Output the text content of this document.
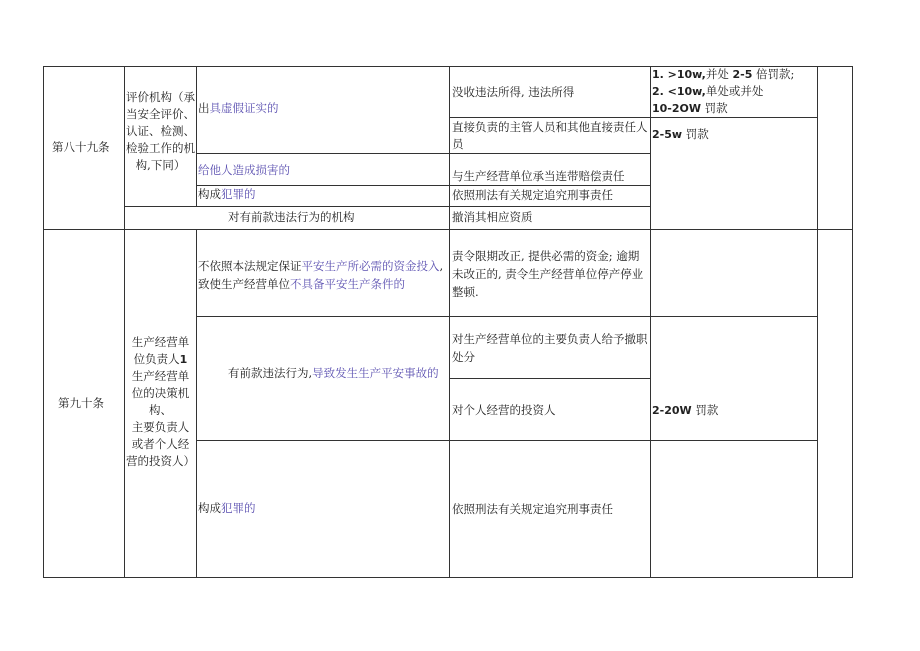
第八十九条
评价机构（承当安全评价、认证、检测、检验工作的机构,下同）
出具虚假证实的
给他人造成损害的
构成犯罪的
对有前款违法行为的机构
没收违法所得, 违法所得
直接负责的主管人员和其他直接责任人员
与生产经营单位承当连带赔偿责任
依照刑法有关规定追究刑事责任
撤消其相应资质
1. >10w,并处 2-5 倍罚款;
2. <10w,单处或并处
10-2OW 罚款
2-5w 罚款
第九十条
生产经营单
位负责人1
生产经营单
位的决策机
构、
主要负责人
或者个人经
营的投资人）
不依照本法规定保证平安生产所必需的资金投入,致使生产经营单位不具备平安生产条件的
有前款违法行为,导致发生生产平安事故的
构成犯罪的
责令限期改正, 提供必需的资金; 逾期未改正的, 责令生产经营单位停产停业整顿.
对生产经营单位的主要负责人给予撤职处分
对个人经营的投资人
依照刑法有关规定追究刑事责任
2-20W 罚款
